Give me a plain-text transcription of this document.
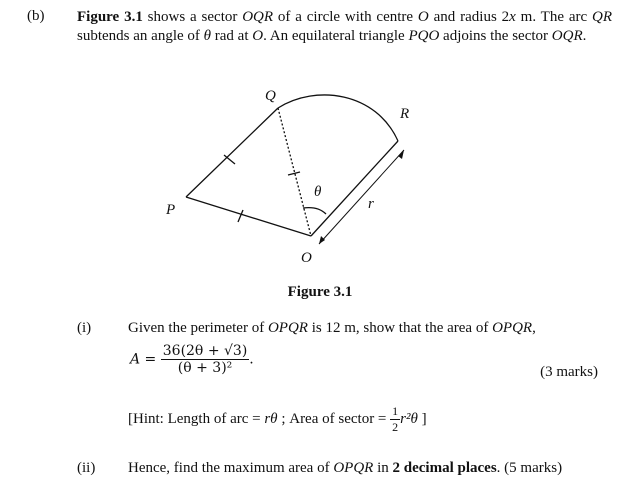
(b) Figure 3.1 shows a sector OQR of a circle with centre O and radius 2x m. The arc QR subtends an angle of θ rad at O. An equilateral triangle PQO adjoins the sector OQR.
Q
R
P
O
θ
r
Figure 3.1
(i) Given the perimeter of OPQR is 12 m, show that the area of OPQR,
$A = \frac{36(2\theta + √3)}{\text{(θ + 3)²}}$ .
(3 marks)
[Hint: Length of arc = rθ ; Area of sector = $\frac{1}{2} r^2\theta$ ]
(ii) Hence, find the maximum area of OPQR in 2 decimal places. (5 marks)
